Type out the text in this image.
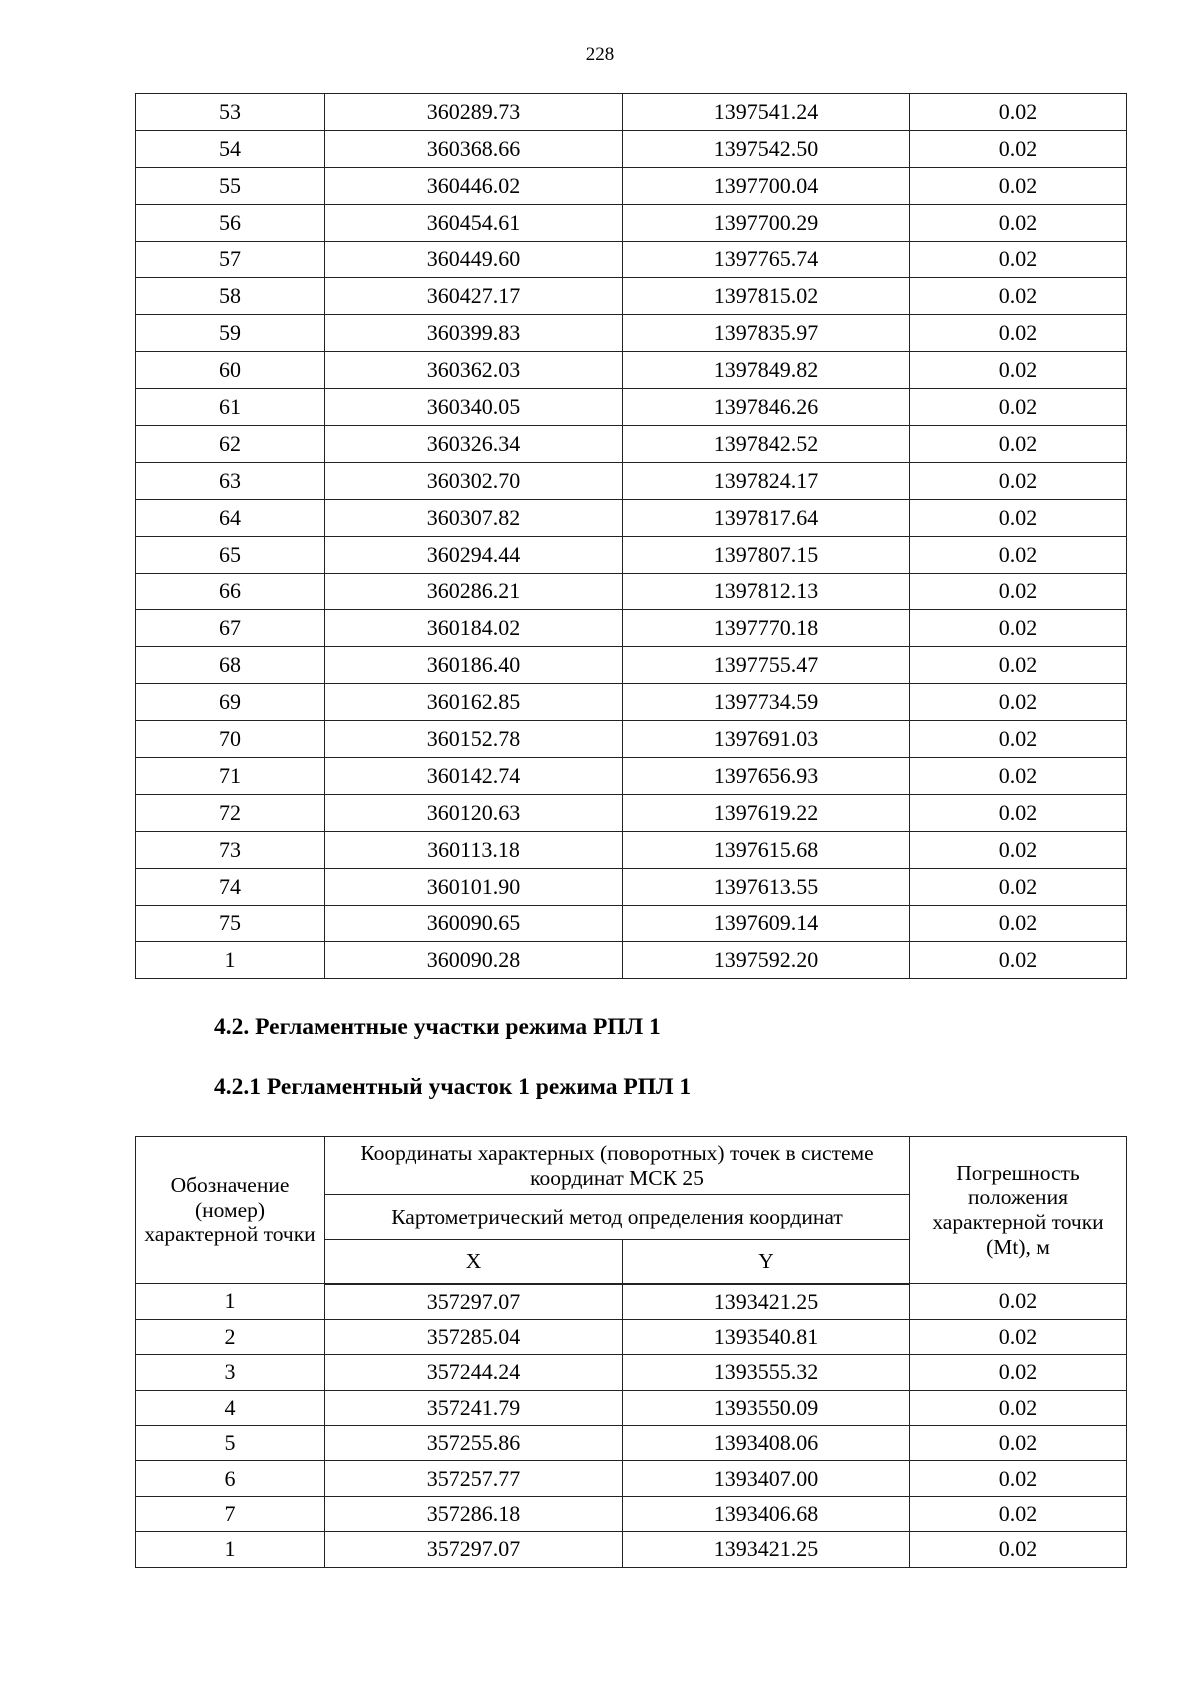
228
53	360289.73	1397541.24	0.02
54	360368.66	1397542.50	0.02
55	360446.02	1397700.04	0.02
56	360454.61	1397700.29	0.02
57	360449.60	1397765.74	0.02
58	360427.17	1397815.02	0.02
59	360399.83	1397835.97	0.02
60	360362.03	1397849.82	0.02
61	360340.05	1397846.26	0.02
62	360326.34	1397842.52	0.02
63	360302.70	1397824.17	0.02
64	360307.82	1397817.64	0.02
65	360294.44	1397807.15	0.02
66	360286.21	1397812.13	0.02
67	360184.02	1397770.18	0.02
68	360186.40	1397755.47	0.02
69	360162.85	1397734.59	0.02
70	360152.78	1397691.03	0.02
71	360142.74	1397656.93	0.02
72	360120.63	1397619.22	0.02
73	360113.18	1397615.68	0.02
74	360101.90	1397613.55	0.02
75	360090.65	1397609.14	0.02
1	360090.28	1397592.20	0.02
4.2. Регламентные участки режима РПЛ 1
4.2.1 Регламентный участок 1 режима РПЛ 1
Обозначение (номер) характерной точки	Координаты характерных (поворотных) точек в системе координат МСК 25		Погрешность положения характерной точки (Mt), м
	Картометрический метод определения координат		
	X	Y	
1	357297.07	1393421.25	0.02
2	357285.04	1393540.81	0.02
3	357244.24	1393555.32	0.02
4	357241.79	1393550.09	0.02
5	357255.86	1393408.06	0.02
6	357257.77	1393407.00	0.02
7	357286.18	1393406.68	0.02
1	357297.07	1393421.25	0.02
